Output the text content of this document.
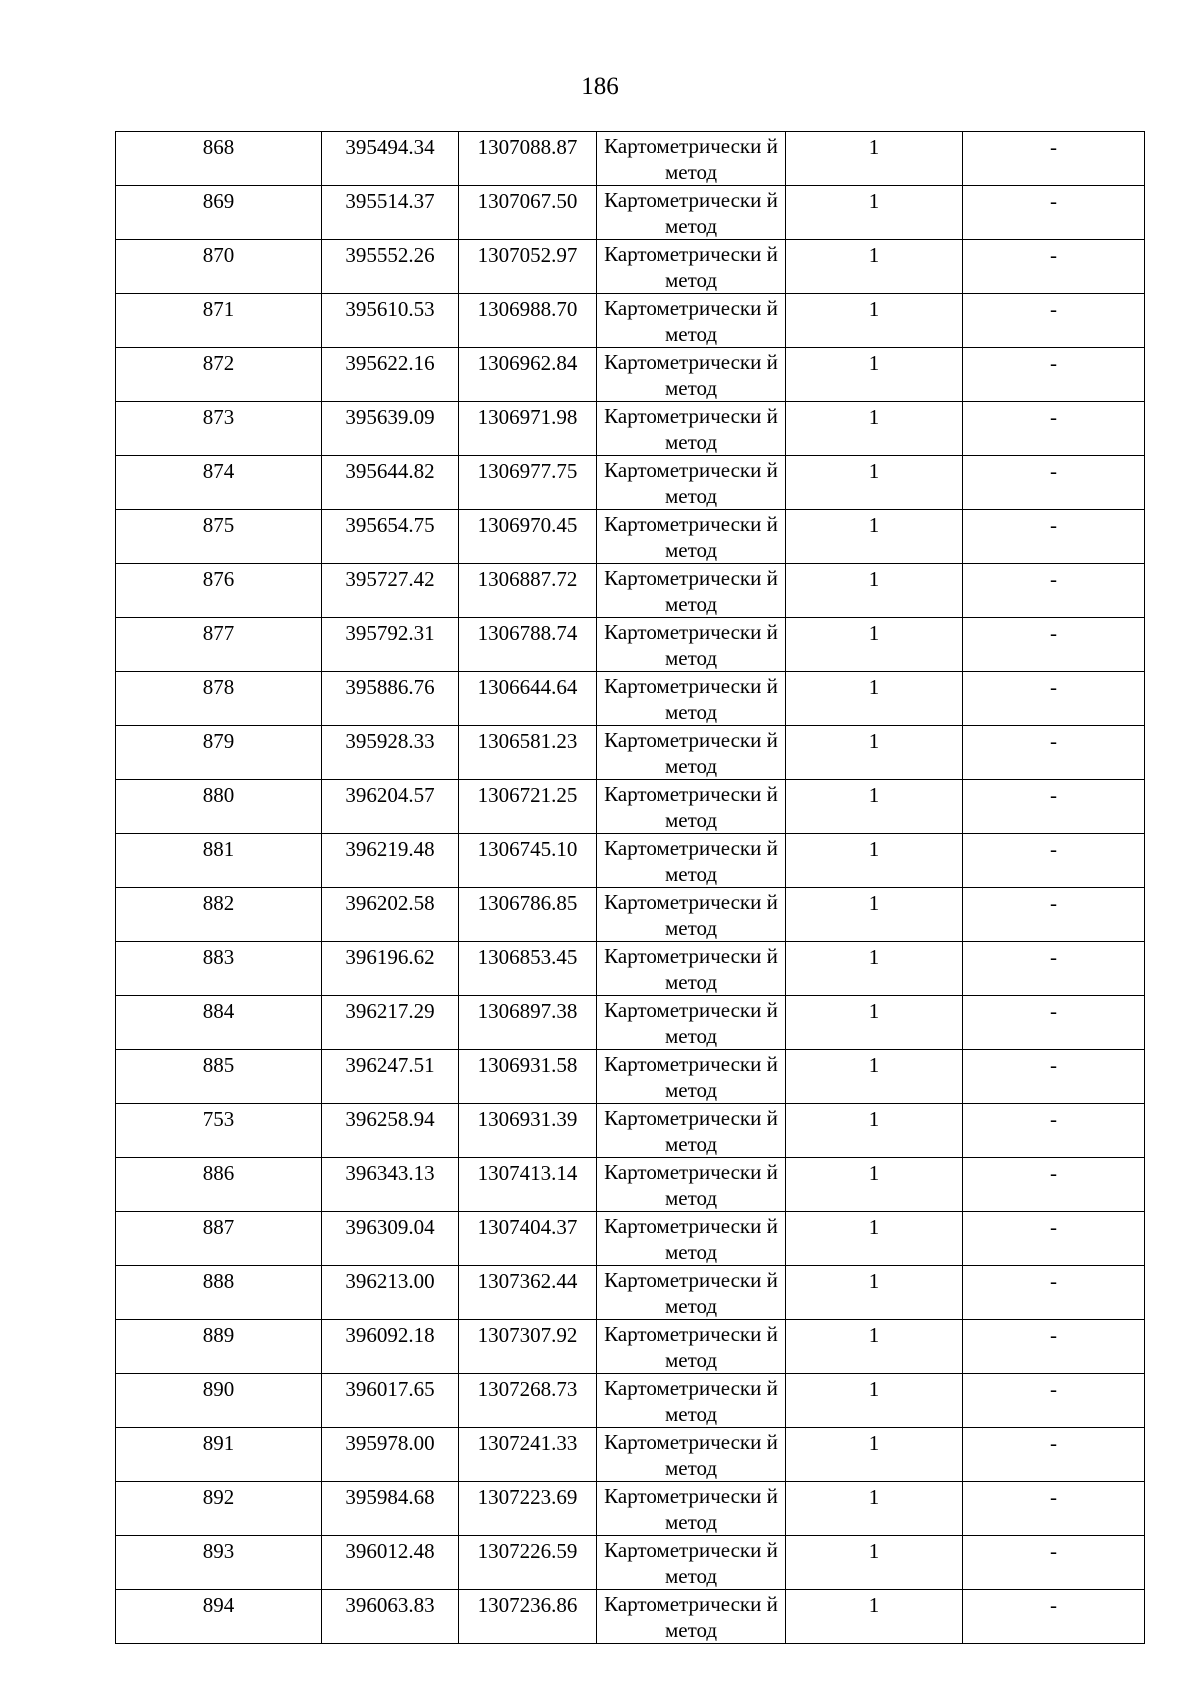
186
868	395494.34	1307088.87	Картометрически й метод	1	-

869	395514.37	1307067.50	Картометрически й метод	1	-

870	395552.26	1307052.97	Картометрически й метод	1	-

871	395610.53	1306988.70	Картометрически й метод	1	-

872	395622.16	1306962.84	Картометрически й метод	1	-

873	395639.09	1306971.98	Картометрически й метод	1	-

874	395644.82	1306977.75	Картометрически й метод	1	-

875	395654.75	1306970.45	Картометрически й метод	1	-

876	395727.42	1306887.72	Картометрически й метод	1	-

877	395792.31	1306788.74	Картометрически й метод	1	-

878	395886.76	1306644.64	Картометрически й метод	1	-

879	395928.33	1306581.23	Картометрически й метод	1	-

880	396204.57	1306721.25	Картометрически й метод	1	-

881	396219.48	1306745.10	Картометрически й метод	1	-

882	396202.58	1306786.85	Картометрически й метод	1	-

883	396196.62	1306853.45	Картометрически й метод	1	-

884	396217.29	1306897.38	Картометрически й метод	1	-

885	396247.51	1306931.58	Картометрически й метод	1	-

753	396258.94	1306931.39	Картометрически й метод	1	-

886	396343.13	1307413.14	Картометрически й метод	1	-

887	396309.04	1307404.37	Картометрически й метод	1	-

888	396213.00	1307362.44	Картометрически й метод	1	-

889	396092.18	1307307.92	Картометрически й метод	1	-

890	396017.65	1307268.73	Картометрически й метод	1	-

891	395978.00	1307241.33	Картометрически й метод	1	-

892	395984.68	1307223.69	Картометрически й метод	1	-

893	396012.48	1307226.59	Картометрически й метод	1	-

894	396063.83	1307236.86	Картометрически й метод	1	-
